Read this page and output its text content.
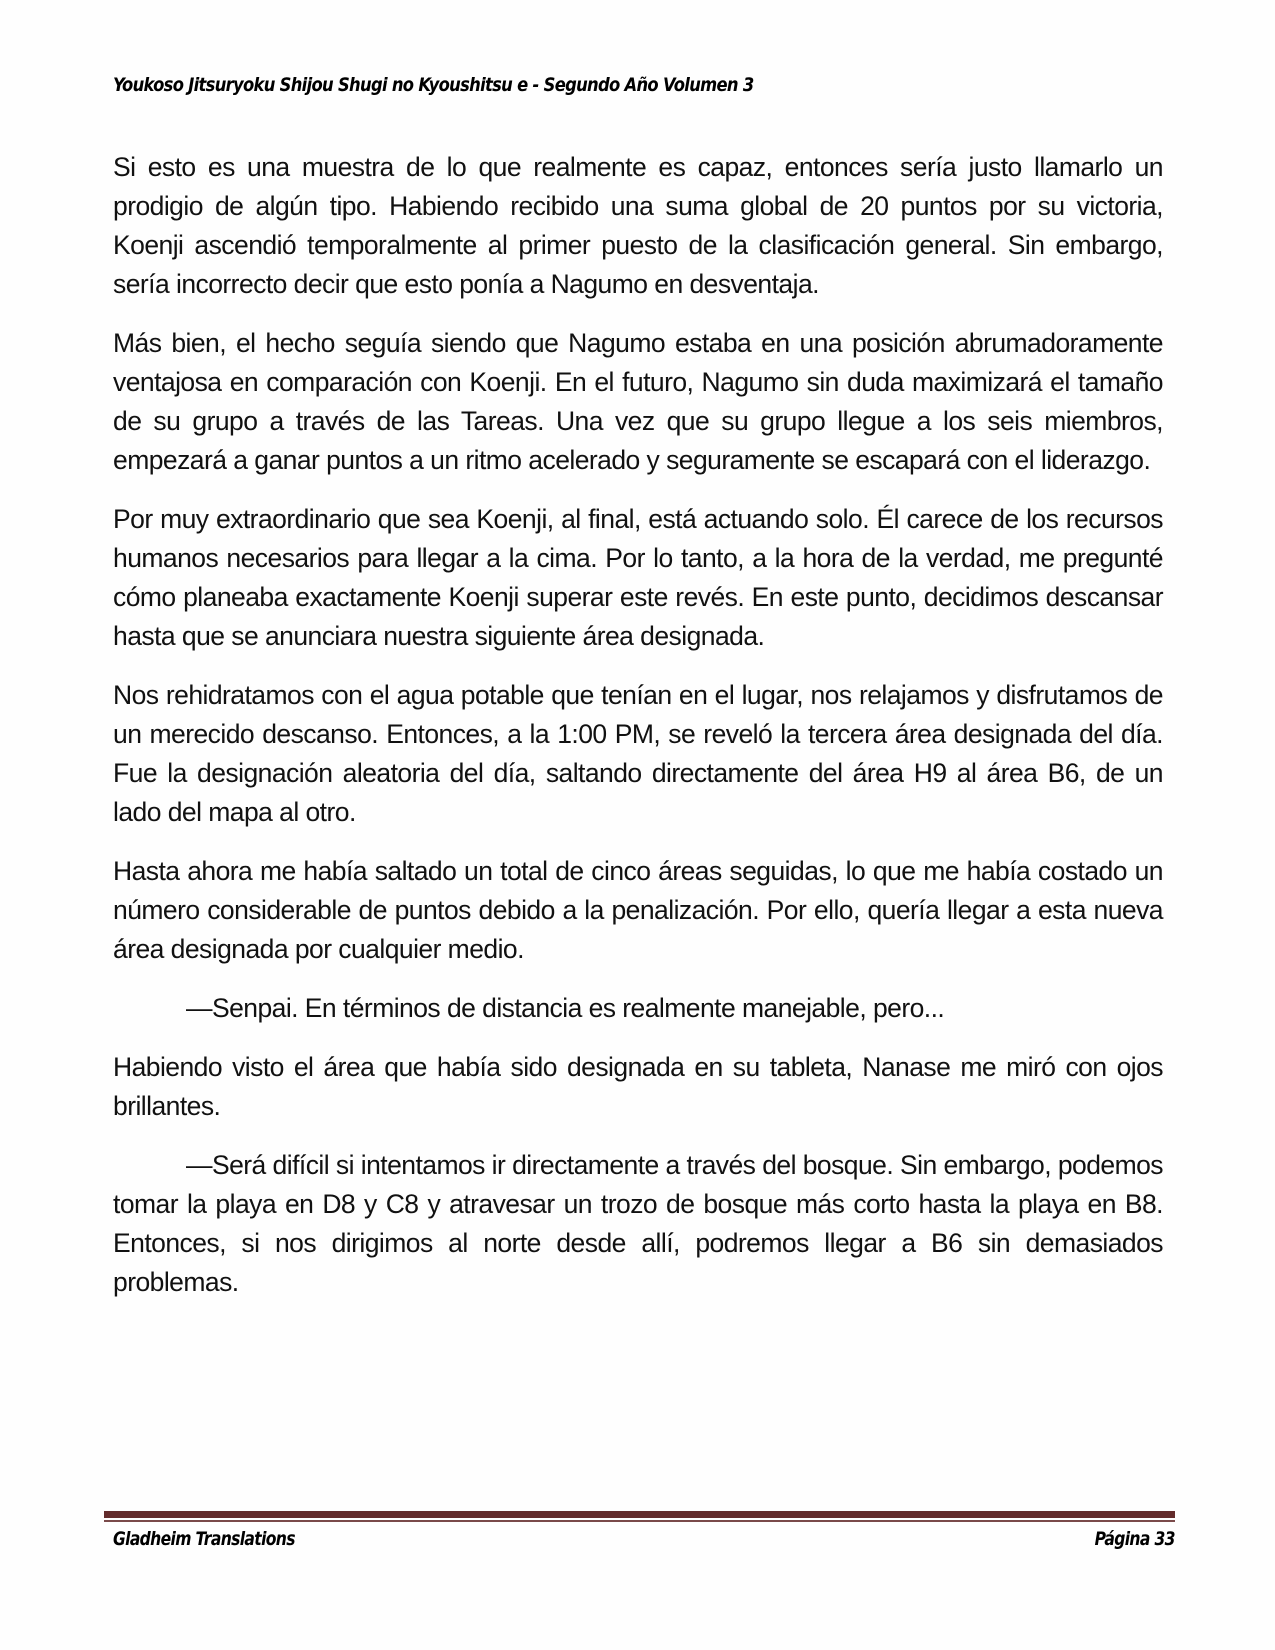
Youkoso Jitsuryoku Shijou Shugi no Kyoushitsu e - Segundo Año Volumen 3

Si esto es una muestra de lo que realmente es capaz, entonces sería justo llamarlo un prodigio de algún tipo. Habiendo recibido una suma global de 20 puntos por su victoria, Koenji ascendió temporalmente al primer puesto de la clasificación general. Sin embargo, sería incorrecto decir que esto ponía a Nagumo en desventaja.

Más bien, el hecho seguía siendo que Nagumo estaba en una posición abrumadoramente ventajosa en comparación con Koenji. En el futuro, Nagumo sin duda maximizará el tamaño de su grupo a través de las Tareas. Una vez que su grupo llegue a los seis miembros, empezará a ganar puntos a un ritmo acelerado y seguramente se escapará con el liderazgo.

Por muy extraordinario que sea Koenji, al final, está actuando solo. Él carece de los recursos humanos necesarios para llegar a la cima. Por lo tanto, a la hora de la verdad, me pregunté cómo planeaba exactamente Koenji superar este revés. En este punto, decidimos descansar hasta que se anunciara nuestra siguiente área designada.

Nos rehidratamos con el agua potable que tenían en el lugar, nos relajamos y disfrutamos de un merecido descanso. Entonces, a la 1:00 PM, se reveló la tercera área designada del día. Fue la designación aleatoria del día, saltando directamente del área H9 al área B6, de un lado del mapa al otro.

Hasta ahora me había saltado un total de cinco áreas seguidas, lo que me había costado un número considerable de puntos debido a la penalización. Por ello, quería llegar a esta nueva área designada por cualquier medio.

—Senpai. En términos de distancia es realmente manejable, pero...

Habiendo visto el área que había sido designada en su tableta, Nanase me miró con ojos brillantes.

—Será difícil si intentamos ir directamente a través del bosque. Sin embargo, podemos tomar la playa en D8 y C8 y atravesar un trozo de bosque más corto hasta la playa en B8. Entonces, si nos dirigimos al norte desde allí, podremos llegar a B6 sin demasiados problemas.

Gladheim Translations	Página 33
